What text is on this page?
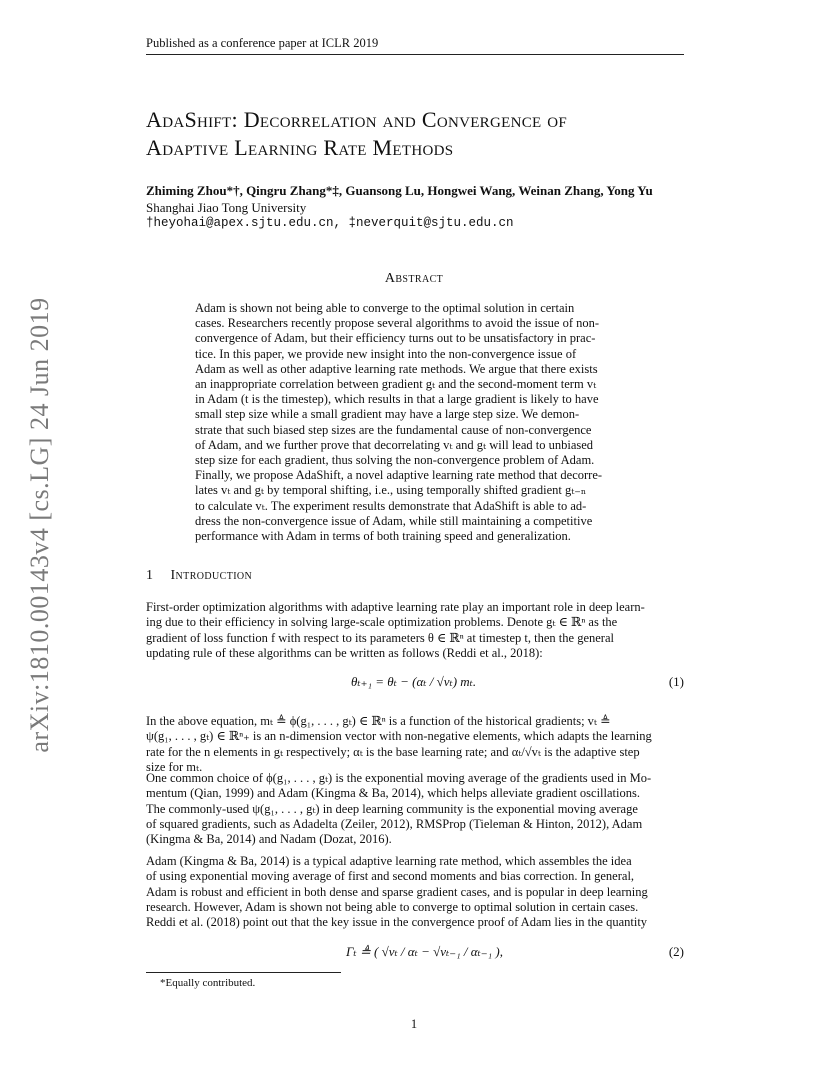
Published as a conference paper at ICLR 2019
arXiv:1810.00143v4 [cs.LG] 24 Jun 2019
AdaShift: Decorrelation and Convergence of
Adaptive Learning Rate Methods
Zhiming Zhou*†, Qingru Zhang*‡, Guansong Lu, Hongwei Wang, Weinan Zhang, Yong Yu
Shanghai Jiao Tong University
†heyohai@apex.sjtu.edu.cn, ‡neverquit@sjtu.edu.cn
Abstract
Adam is shown not being able to converge to the optimal solution in certain
cases. Researchers recently propose several algorithms to avoid the issue of non-
convergence of Adam, but their efficiency turns out to be unsatisfactory in prac-
tice. In this paper, we provide new insight into the non-convergence issue of
Adam as well as other adaptive learning rate methods. We argue that there exists
an inappropriate correlation between gradient gₜ and the second-moment term vₜ
in Adam (t is the timestep), which results in that a large gradient is likely to have
small step size while a small gradient may have a large step size. We demon-
strate that such biased step sizes are the fundamental cause of non-convergence
of Adam, and we further prove that decorrelating vₜ and gₜ will lead to unbiased
step size for each gradient, thus solving the non-convergence problem of Adam.
Finally, we propose AdaShift, a novel adaptive learning rate method that decorre-
lates vₜ and gₜ by temporal shifting, i.e., using temporally shifted gradient gₜ₋ₙ
to calculate vₜ. The experiment results demonstrate that AdaShift is able to ad-
dress the non-convergence issue of Adam, while still maintaining a competitive
performance with Adam in terms of both training speed and generalization.
1 Introduction
First-order optimization algorithms with adaptive learning rate play an important role in deep learn-
ing due to their efficiency in solving large-scale optimization problems. Denote gₜ ∈ ℝⁿ as the
gradient of loss function f with respect to its parameters θ ∈ ℝⁿ at timestep t, then the general
updating rule of these algorithms can be written as follows (Reddi et al., 2018):
θₜ₊₁ = θₜ − (αₜ / √vₜ) mₜ.	(1)
In the above equation, mₜ ≜ ϕ(g₁, . . . , gₜ) ∈ ℝⁿ is a function of the historical gradients; vₜ ≜
ψ(g₁, . . . , gₜ) ∈ ℝⁿ₊ is an n-dimension vector with non-negative elements, which adapts the learning
rate for the n elements in gₜ respectively; αₜ is the base learning rate; and αₜ/√vₜ is the adaptive step
size for mₜ.
One common choice of ϕ(g₁, . . . , gₜ) is the exponential moving average of the gradients used in Mo-
mentum (Qian, 1999) and Adam (Kingma & Ba, 2014), which helps alleviate gradient oscillations.
The commonly-used ψ(g₁, . . . , gₜ) in deep learning community is the exponential moving average
of squared gradients, such as Adadelta (Zeiler, 2012), RMSProp (Tieleman & Hinton, 2012), Adam
(Kingma & Ba, 2014) and Nadam (Dozat, 2016).
Adam (Kingma & Ba, 2014) is a typical adaptive learning rate method, which assembles the idea
of using exponential moving average of first and second moments and bias correction. In general,
Adam is robust and efficient in both dense and sparse gradient cases, and is popular in deep learning
research. However, Adam is shown not being able to converge to optimal solution in certain cases.
Reddi et al. (2018) point out that the key issue in the convergence proof of Adam lies in the quantity
Γₜ ≜ ( √vₜ / αₜ − √vₜ₋₁ / αₜ₋₁ ),	(2)
*Equally contributed.
1
